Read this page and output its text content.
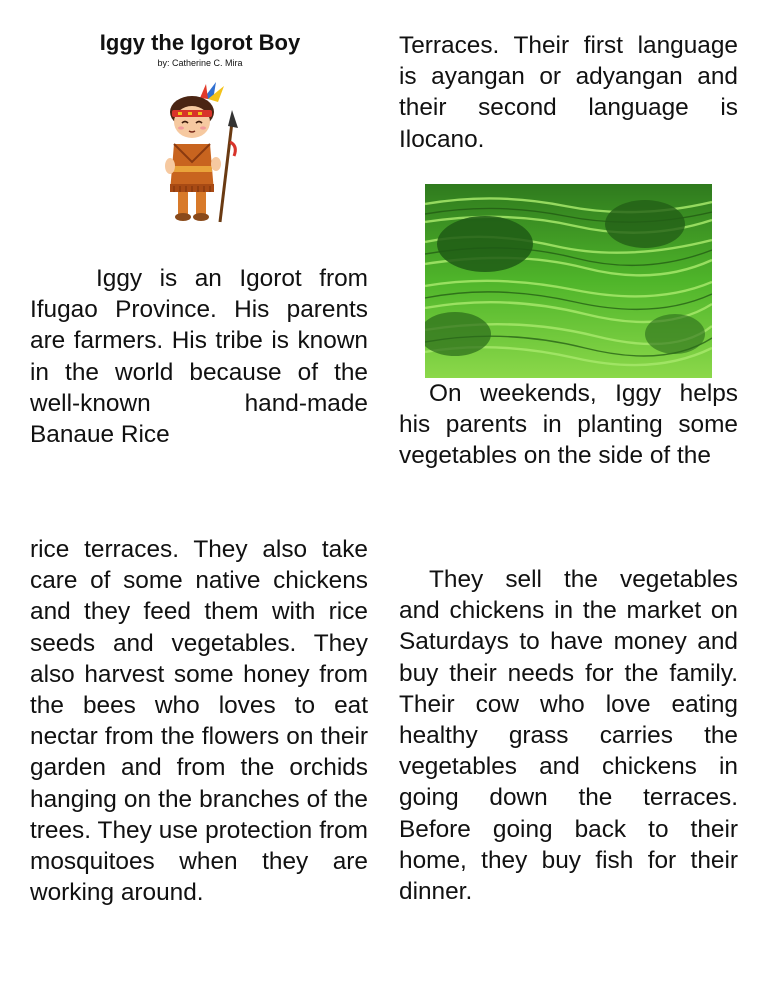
Iggy the Igorot Boy

by: Catherine C. Mira

Iggy is an Igorot from Ifugao Province. His parents are farmers. His tribe is known in the world because of the well-known hand-made Banaue Rice

Terraces. Their first language is ayangan or adyangan and their second language is Ilocano.

On weekends, Iggy helps his parents in planting some vegetables on the side of the

rice terraces. They also take care of some native chickens and they feed them with rice seeds and vegetables. They also harvest some honey from the bees who loves to eat nectar from the flowers on their garden and from the orchids hanging on the branches of the trees. They use protection from mosquitoes when they are working around.

They sell the vegetables and chickens in the market on Saturdays to have money and buy their needs for the family. Their cow who love eating healthy grass carries the vegetables and chickens in going down the terraces. Before going back to their home, they buy fish for their dinner.
